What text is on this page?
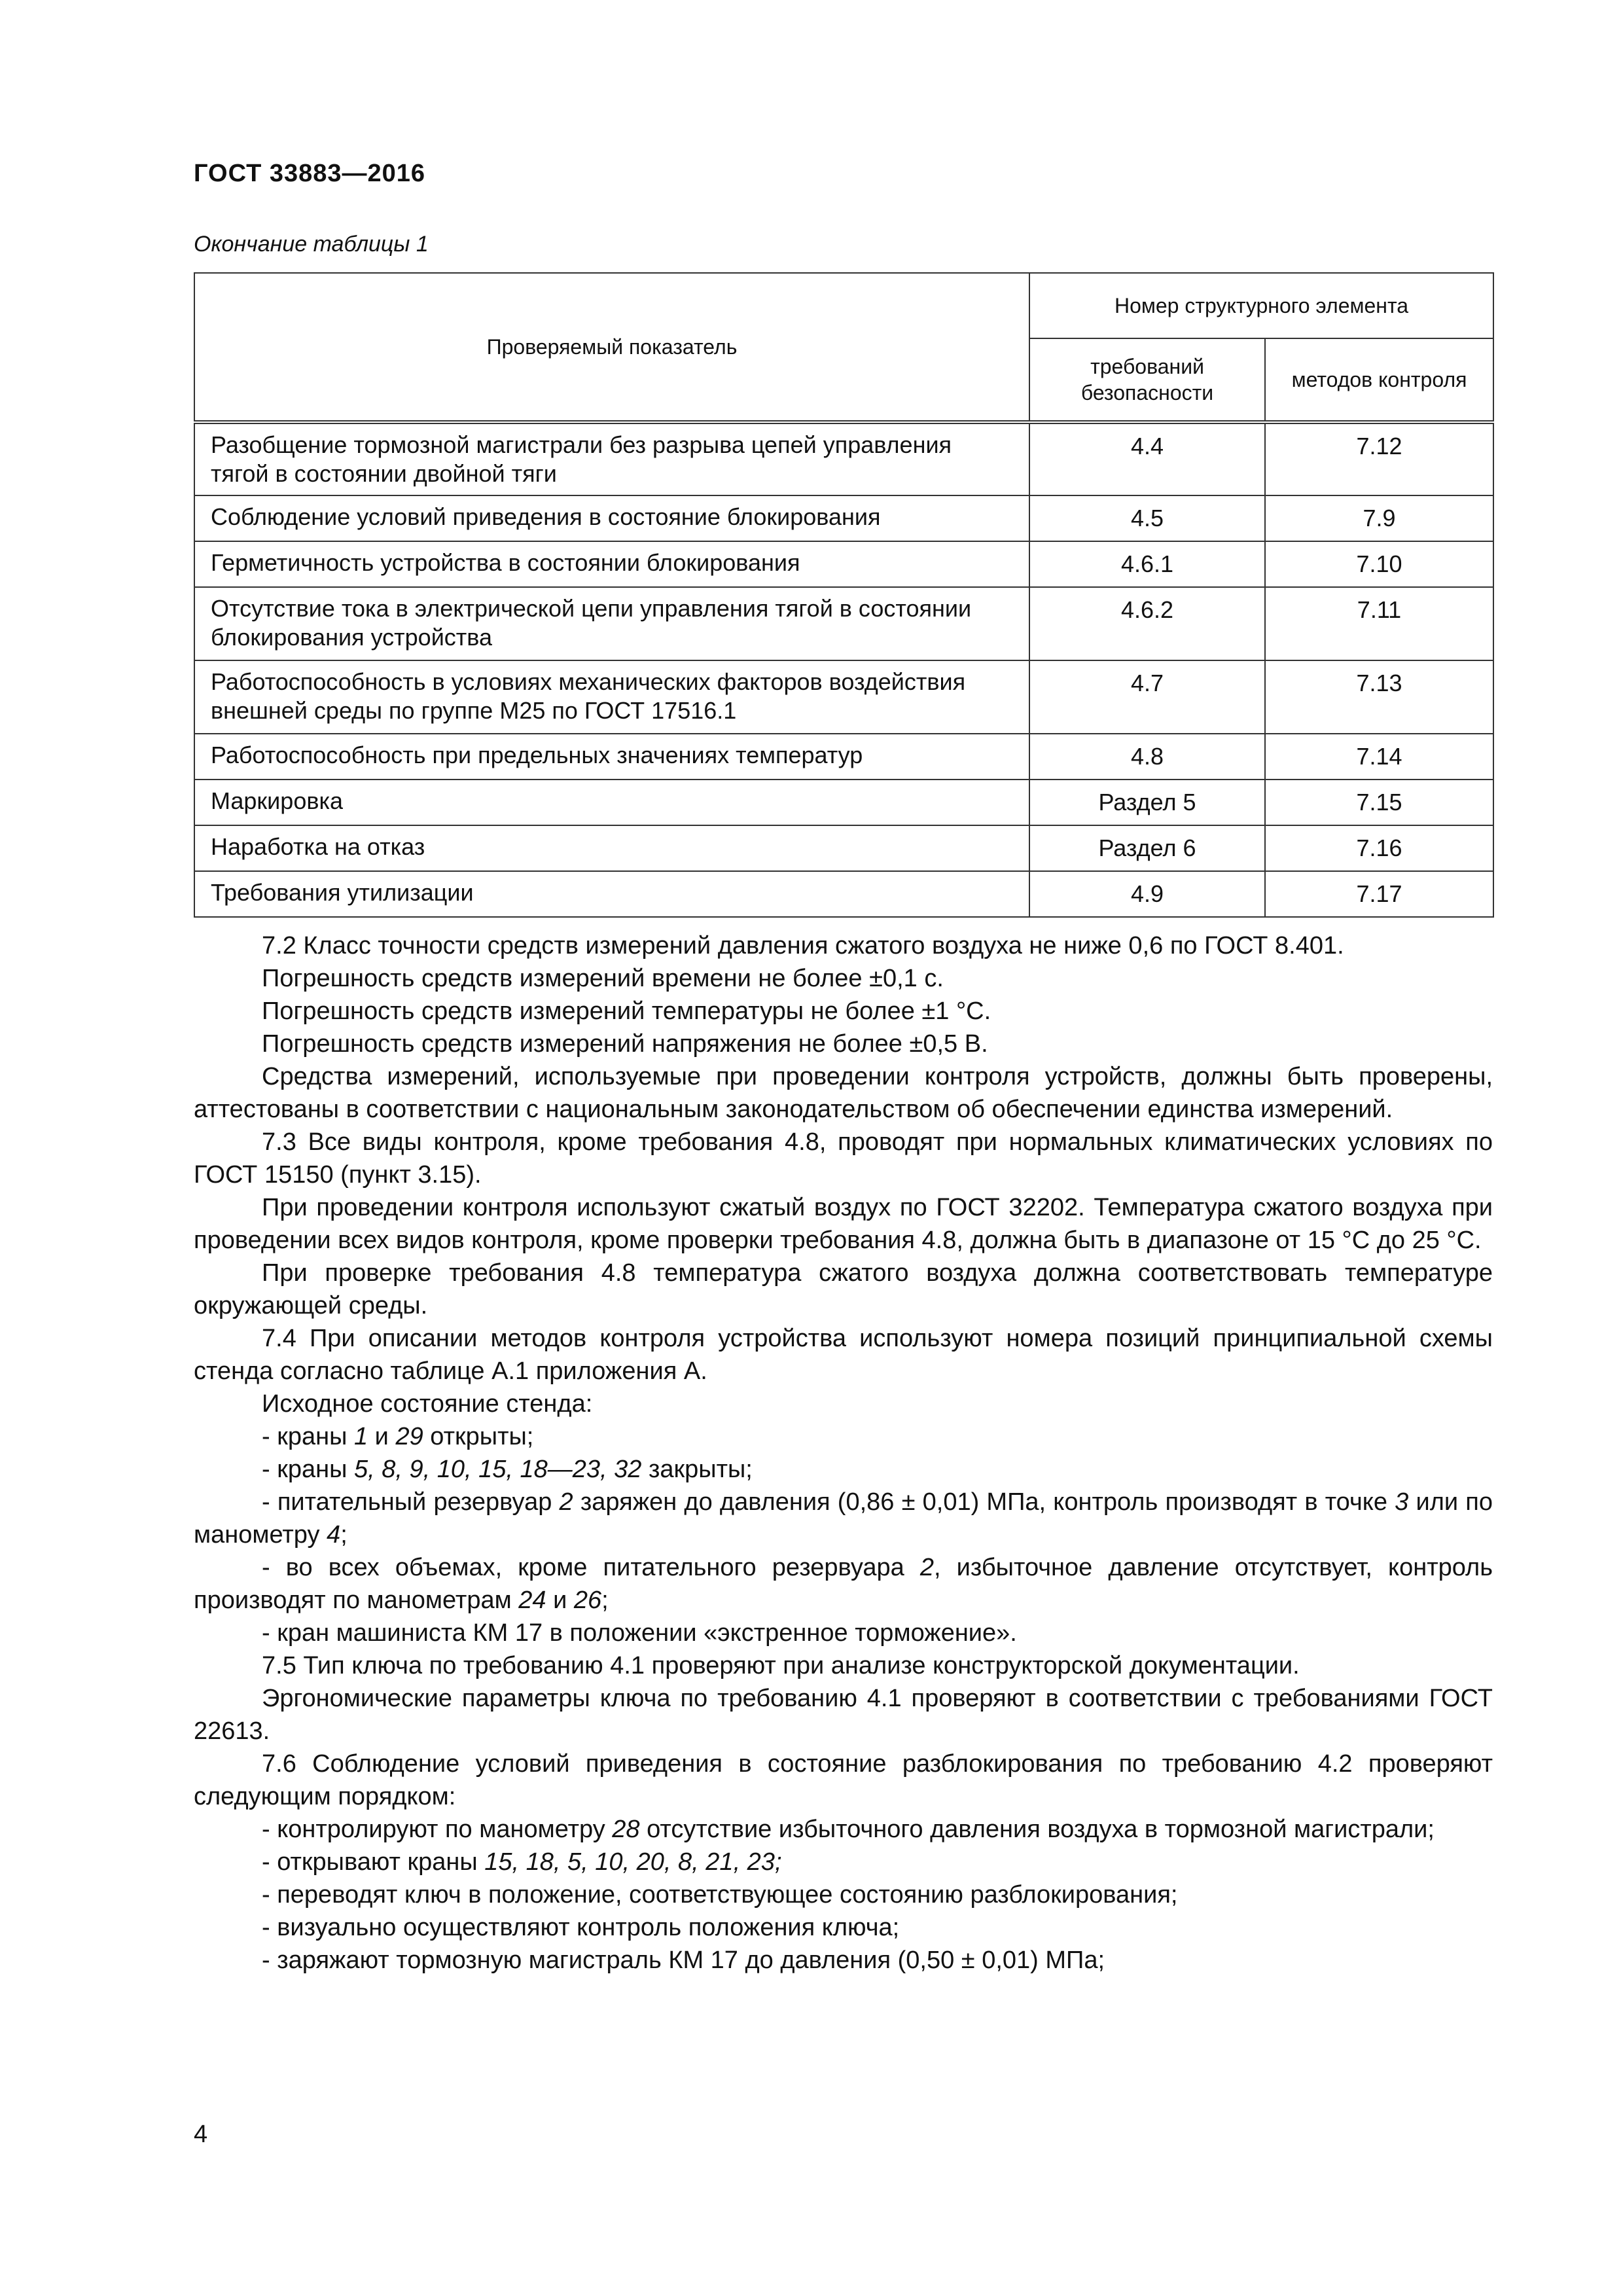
ГОСТ 33883—2016
Окончание таблицы 1
Проверяемый показатель	Номер структурного элемента	
	требований безопасности	методов контроля
Разобщение тормозной магистрали без разрыва цепей управления тягой в состоянии двойной тяги	4.4	7.12
Соблюдение условий приведения в состояние блокирования	4.5	7.9
Герметичность устройства в состоянии блокирования	4.6.1	7.10
Отсутствие тока в электрической цепи управления тягой в состоянии блокирования устройства	4.6.2	7.11
Работоспособность в условиях механических факторов воздействия внешней среды по группе М25 по ГОСТ 17516.1	4.7	7.13
Работоспособность при предельных значениях температур	4.8	7.14
Маркировка	Раздел 5	7.15
Наработка на отказ	Раздел 6	7.16
Требования утилизации	4.9	7.17

7.2 Класс точности средств измерений давления сжатого воздуха не ниже 0,6 по ГОСТ 8.401.

Погрешность средств измерений времени не более ±0,1 с.

Погрешность средств измерений температуры не более ±1 °С.

Погрешность средств измерений напряжения не более ±0,5 В.

Средства измерений, используемые при проведении контроля устройств, должны быть проверены, аттестованы в соответствии с национальным законодательством об обеспечении единства измерений.

7.3 Все виды контроля, кроме требования 4.8, проводят при нормальных климатических условиях по ГОСТ 15150 (пункт 3.15).

При проведении контроля используют сжатый воздух по ГОСТ 32202. Температура сжатого воздуха при проведении всех видов контроля, кроме проверки требования 4.8, должна быть в диапазоне от 15 °С до 25 °С.

При проверке требования 4.8 температура сжатого воздуха должна соответствовать температуре окружающей среды.

7.4 При описании методов контроля устройства используют номера позиций принципиальной схемы стенда согласно таблице А.1 приложения А.

Исходное состояние стенда:

- краны 1 и 29 открыты;

- краны 5, 8, 9, 10, 15, 18—23, 32 закрыты;

- питательный резервуар 2 заряжен до давления (0,86 ± 0,01) МПа, контроль производят в точке 3 или по манометру 4;

- во всех объемах, кроме питательного резервуара 2, избыточное давление отсутствует, контроль производят по манометрам 24 и 26;

- кран машиниста КМ 17 в положении «экстренное торможение».

7.5 Тип ключа по требованию 4.1 проверяют при анализе конструкторской документации.

Эргономические параметры ключа по требованию 4.1 проверяют в соответствии с требованиями ГОСТ 22613.

7.6 Соблюдение условий приведения в состояние разблокирования по требованию 4.2 проверяют следующим порядком:

- контролируют по манометру 28 отсутствие избыточного давления воздуха в тормозной магистрали;

- открывают краны 15, 18, 5, 10, 20, 8, 21, 23;

- переводят ключ в положение, соответствующее состоянию разблокирования;

- визуально осуществляют контроль положения ключа;

- заряжают тормозную магистраль КМ 17 до давления (0,50 ± 0,01) МПа;

4
